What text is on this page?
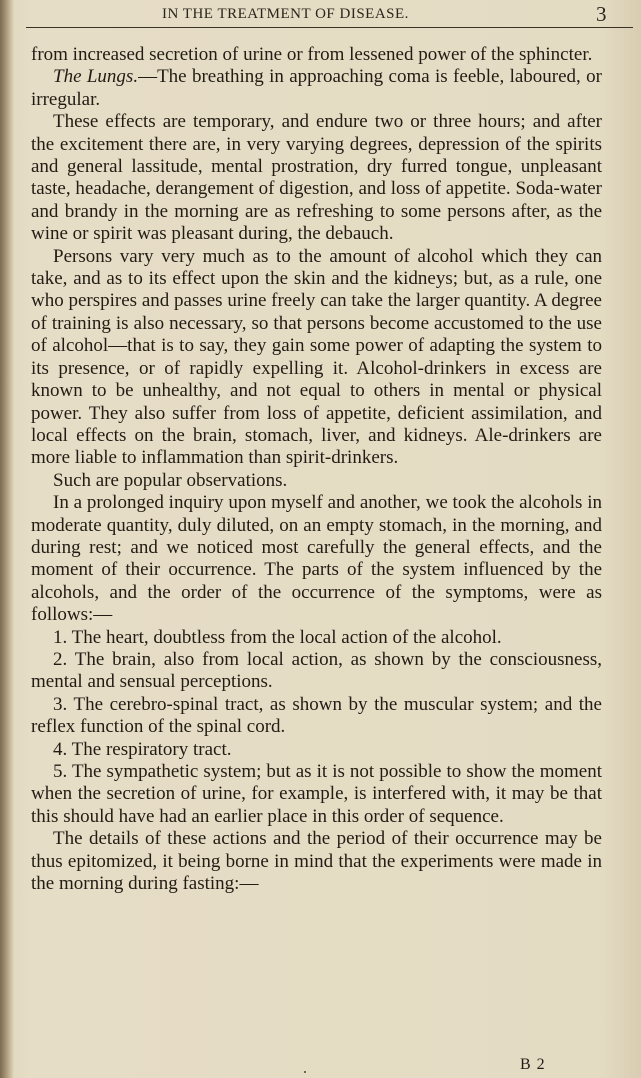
IN THE TREATMENT OF DISEASE.	3

from increased secretion of urine or from lessened power of the sphincter.

The Lungs.—The breathing in approaching coma is feeble, laboured, or irregular.

These effects are temporary, and endure two or three hours; and after the excitement there are, in very varying degrees, depression of the spirits and general lassitude, mental prostration, dry furred tongue, unpleasant taste, headache, derangement of digestion, and loss of appetite. Soda-water and brandy in the morning are as refreshing to some persons after, as the wine or spirit was pleasant during, the debauch.

Persons vary very much as to the amount of alcohol which they can take, and as to its effect upon the skin and the kidneys; but, as a rule, one who perspires and passes urine freely can take the larger quantity. A degree of training is also necessary, so that persons become accustomed to the use of alcohol—that is to say, they gain some power of adapting the system to its presence, or of rapidly expelling it. Alcohol-drinkers in excess are known to be unhealthy, and not equal to others in mental or physical power. They also suffer from loss of appetite, deficient assimilation, and local effects on the brain, stomach, liver, and kidneys. Ale-drinkers are more liable to inflammation than spirit-drinkers.

Such are popular observations.

In a prolonged inquiry upon myself and another, we took the alcohols in moderate quantity, duly diluted, on an empty stomach, in the morning, and during rest; and we noticed most carefully the general effects, and the moment of their occurrence. The parts of the system influenced by the alcohols, and the order of the occurrence of the symptoms, were as follows:—

1. The heart, doubtless from the local action of the alcohol.

2. The brain, also from local action, as shown by the consciousness, mental and sensual perceptions.

3. The cerebro-spinal tract, as shown by the muscular system; and the reflex function of the spinal cord.

4. The respiratory tract.

5. The sympathetic system; but as it is not possible to show the moment when the secretion of urine, for example, is interfered with, it may be that this should have had an earlier place in this order of sequence.

The details of these actions and the period of their occurrence may be thus epitomized, it being borne in mind that the experiments were made in the morning during fasting:—

B 2
